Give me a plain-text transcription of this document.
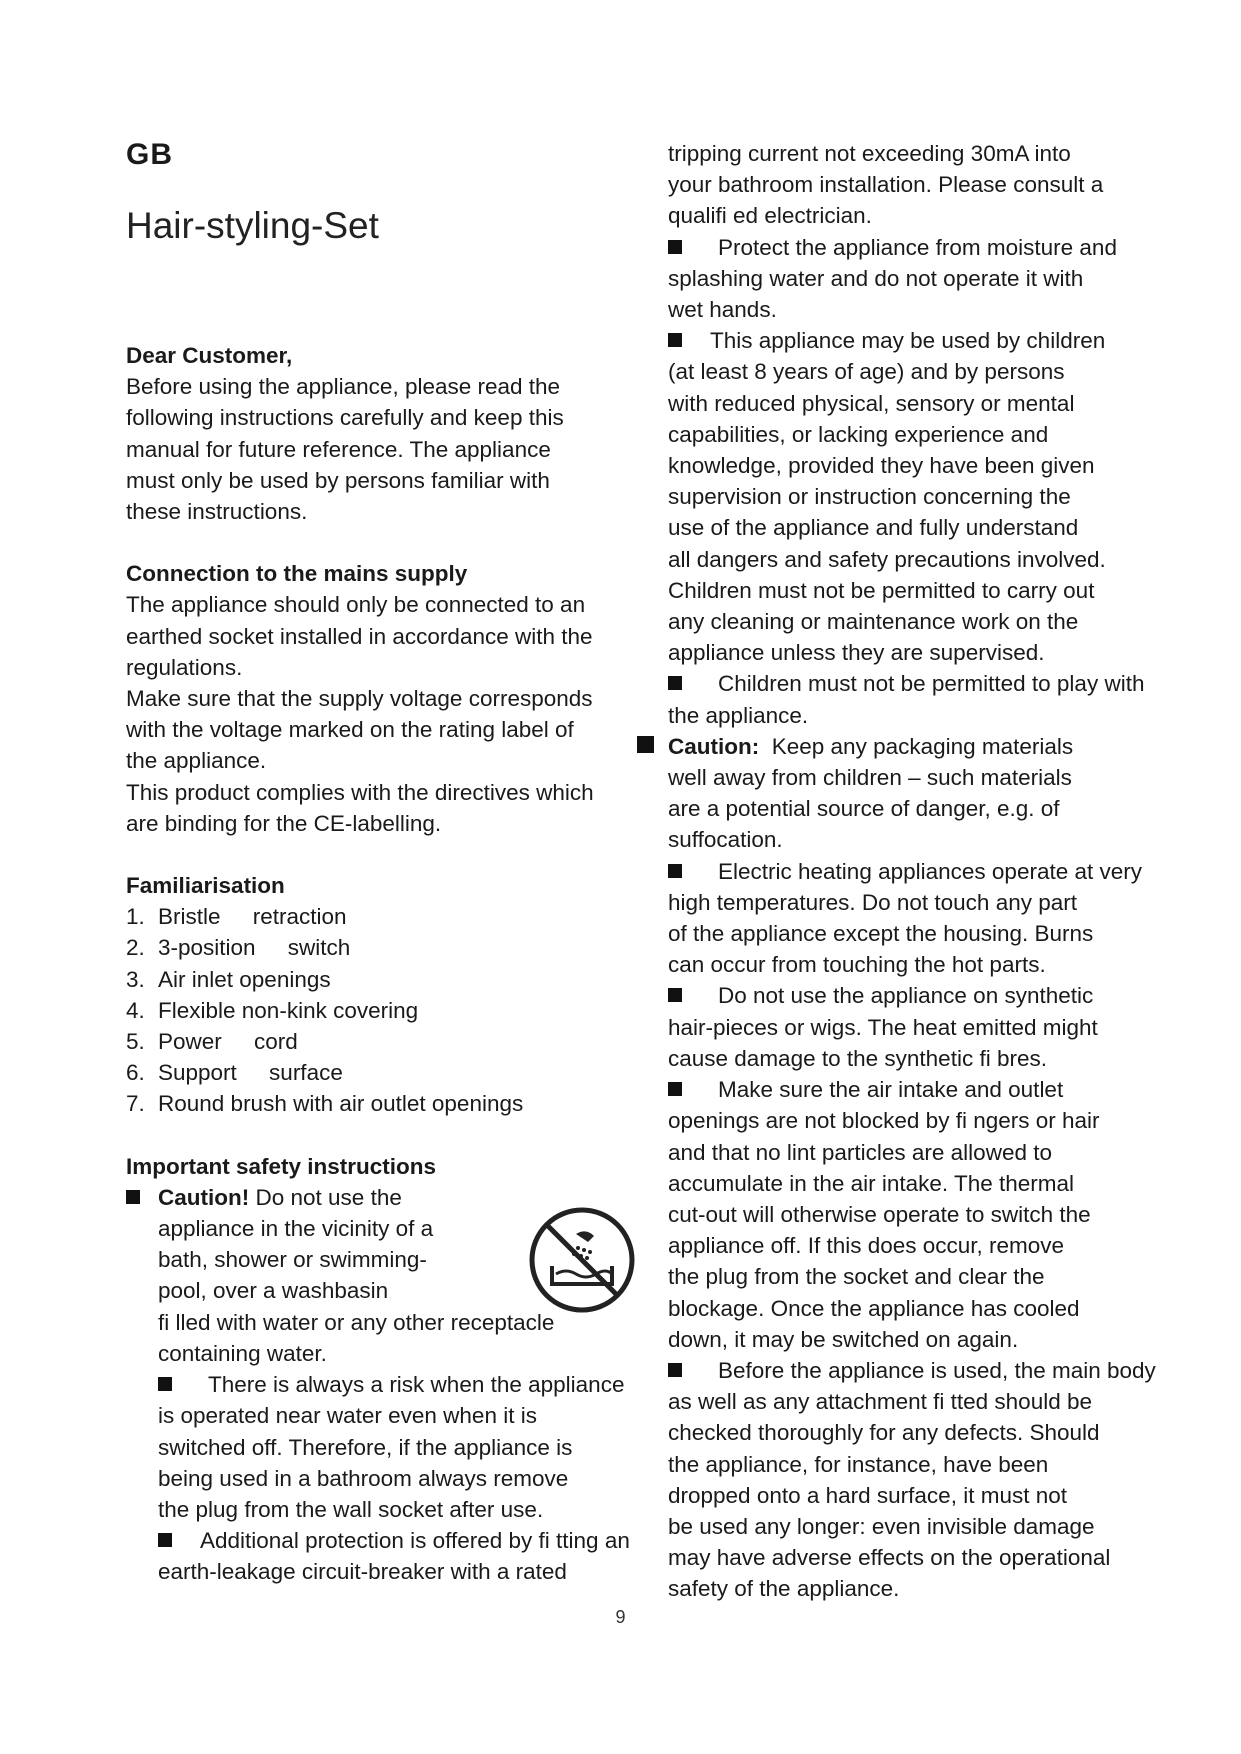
GB
Hair-styling-Set

Dear Customer,

Before using the appliance, please read the

following instructions carefully and keep this

manual for future reference. The appliance

must only be used by persons familiar with

these instructions.

Connection to the mains supply

The appliance should only be connected to an

earthed socket installed in accordance with the

regulations.

Make sure that the supply voltage corresponds

with the voltage marked on the rating label of

the appliance.

This product complies with the directives which

are binding for the CE-labelling.

Familiarisation

1. Bristle retraction
2. 3-position switch
3. Air inlet openings
4. Flexible non-kink covering
5. Power cord
6. Support surface
7. Round brush with air outlet openings

Important safety instructions

Caution! Do not use the

appliance in the vicinity of a

bath, shower or swimming-

pool, over a washbasin

fi lled with water or any other receptacle

containing water.

There is always a risk when the appliance

is operated near water even when it is

switched off. Therefore, if the appliance is

being used in a bathroom always remove

the plug from the wall socket after use.

Additional protection is offered by fi tting an

earth-leakage circuit-breaker with a rated

tripping current not exceeding 30mA into

your bathroom installation. Please consult a

qualifi ed electrician.

Protect the appliance from moisture and

splashing water and do not operate it with

wet hands.

This appliance may be used by children

(at least 8 years of age) and by persons

with reduced physical, sensory or mental

capabilities, or lacking experience and

knowledge, provided they have been given

supervision or instruction concerning the

use of the appliance and fully understand

all dangers and safety precautions involved.

Children must not be permitted to carry out

any cleaning or maintenance work on the

appliance unless they are supervised.

Children must not be permitted to play with

the appliance.

Caution: Keep any packaging materials

well away from children – such materials

are a potential source of danger, e.g. of

suffocation.

Electric heating appliances operate at very

high temperatures. Do not touch any part

of the appliance except the housing. Burns

can occur from touching the hot parts.

Do not use the appliance on synthetic

hair-pieces or wigs. The heat emitted might

cause damage to the synthetic fi bres.

Make sure the air intake and outlet

openings are not blocked by fi ngers or hair

and that no lint particles are allowed to

accumulate in the air intake. The thermal

cut-out will otherwise operate to switch the

appliance off. If this does occur, remove

the plug from the socket and clear the

blockage. Once the appliance has cooled

down, it may be switched on again.

Before the appliance is used, the main body

as well as any attachment fi tted should be

checked thoroughly for any defects. Should

the appliance, for instance, have been

dropped onto a hard surface, it must not

be used any longer: even invisible damage

may have adverse effects on the operational

safety of the appliance.

9
